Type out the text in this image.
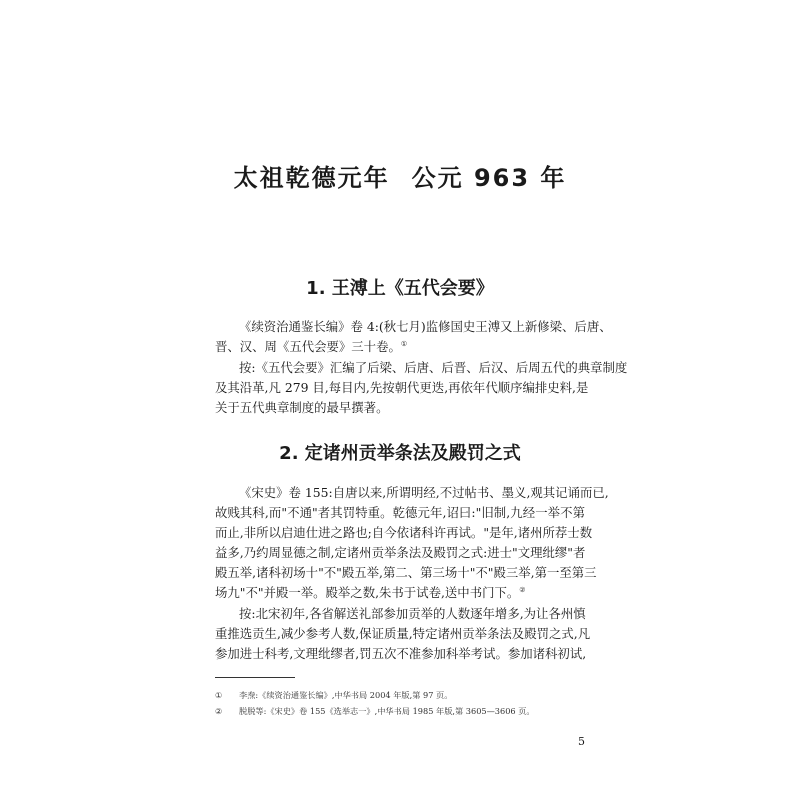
太祖乾德元年 公元 963 年
1. 王溥上《五代会要》
《续资治通鉴长编》卷 4:(秋七月)监修国史王溥又上新修梁、后唐、
晋、汉、周《五代会要》三十卷。①
按:《五代会要》汇编了后梁、后唐、后晋、后汉、后周五代的典章制度
及其沿革,凡 279 目,每目内,先按朝代更迭,再依年代顺序编排史料,是
关于五代典章制度的最早撰著。
2. 定诸州贡举条法及殿罚之式
《宋史》卷 155:自唐以来,所谓明经,不过帖书、墨义,观其记诵而已,
故贱其科,而"不通"者其罚特重。乾德元年,诏曰:"旧制,九经一举不第
而止,非所以启迪仕进之路也;自今依诸科许再试。"是年,诸州所荐士数
益多,乃约周显德之制,定诸州贡举条法及殿罚之式:进士"文理纰缪"者
殿五举,诸科初场十"不"殿五举,第二、第三场十"不"殿三举,第一至第三
场九"不"并殿一举。殿举之数,朱书于试卷,送中书门下。②
按:北宋初年,各省解送礼部参加贡举的人数逐年增多,为让各州慎
重推选贡生,减少参考人数,保证质量,特定诸州贡举条法及殿罚之式,凡
参加进士科考,文理纰缪者,罚五次不准参加科举考试。参加诸科初试,
① 李焘:《续资治通鉴长编》,中华书局 2004 年版,第 97 页。
② 脱脱等:《宋史》卷 155《选举志一》,中华书局 1985 年版,第 3605—3606 页。
5
